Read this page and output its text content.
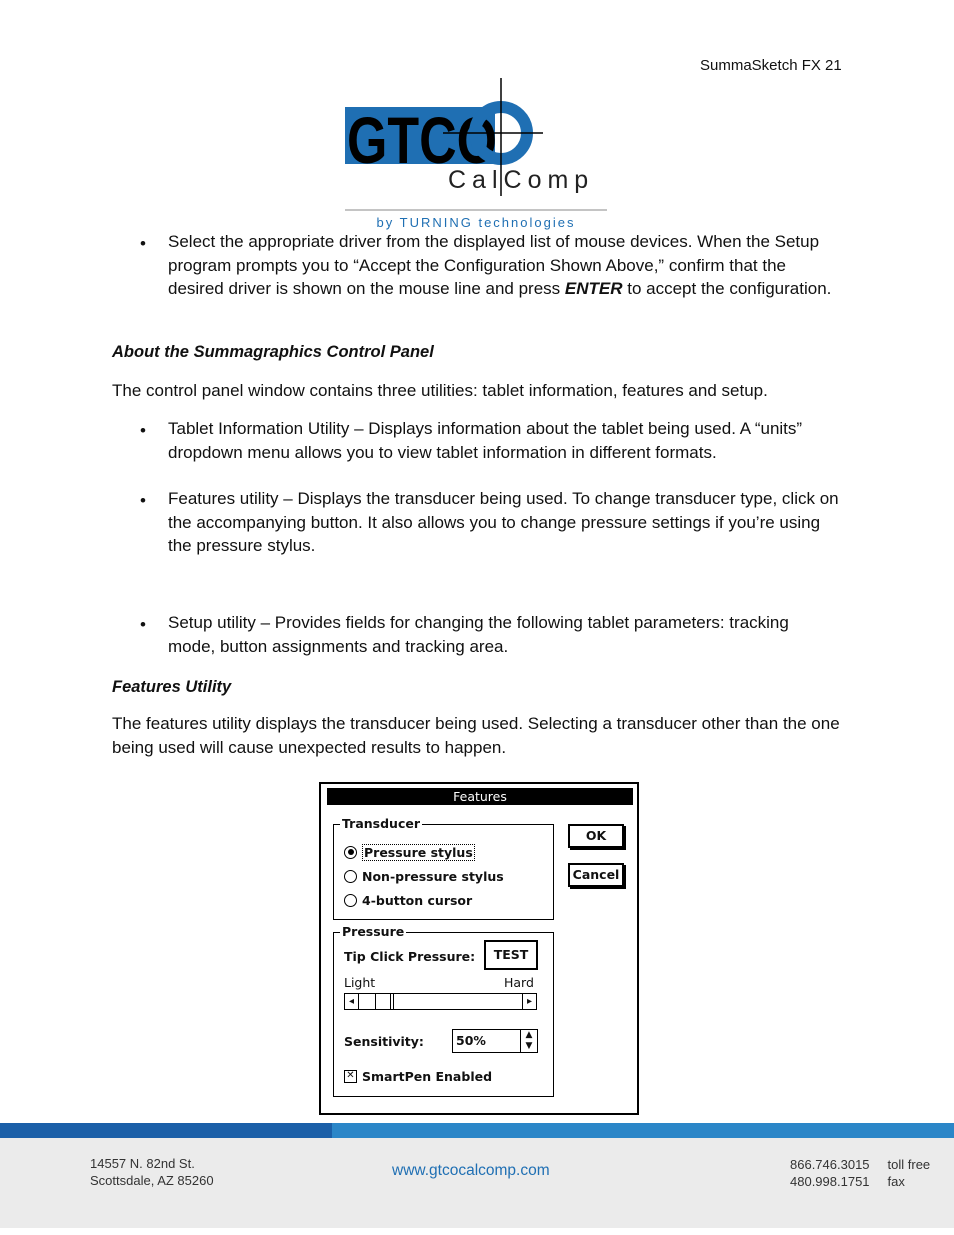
SummaSketch FX 21
GTCO
CalComp
by TURNING technologies
• Select the appropriate driver from the displayed list of mouse devices. When the Setup program prompts you to “Accept the Configuration Shown Above,” confirm that the desired driver is shown on the mouse line and press ENTER to accept the configuration.
About the Summagraphics Control Panel
The control panel window contains three utilities: tablet information, features and setup.
• Tablet Information Utility – Displays information about the tablet being used. A “units” dropdown menu allows you to view tablet information in different formats.
• Features utility – Displays the transducer being used. To change transducer type, click on the accompanying button. It also allows you to change pressure settings if you’re using the pressure stylus.
• Setup utility – Provides fields for changing the following tablet parameters: tracking mode, button assignments and tracking area.
Features Utility
The features utility displays the transducer being used. Selecting a transducer other than the one being used will cause unexpected results to happen.
Features
Transducer
Pressure stylus
Non-pressure stylus
4-button cursor
OK
Cancel
Pressure
Tip Click Pressure:	TEST
Light	Hard
◂	▸
Sensitivity:	50%	▲
▼
✕ SmartPen Enabled
14557 N. 82nd St.
Scottsdale, AZ 85260
www.gtcocalcomp.com	866.746.3015 toll free
480.998.1751 fax
